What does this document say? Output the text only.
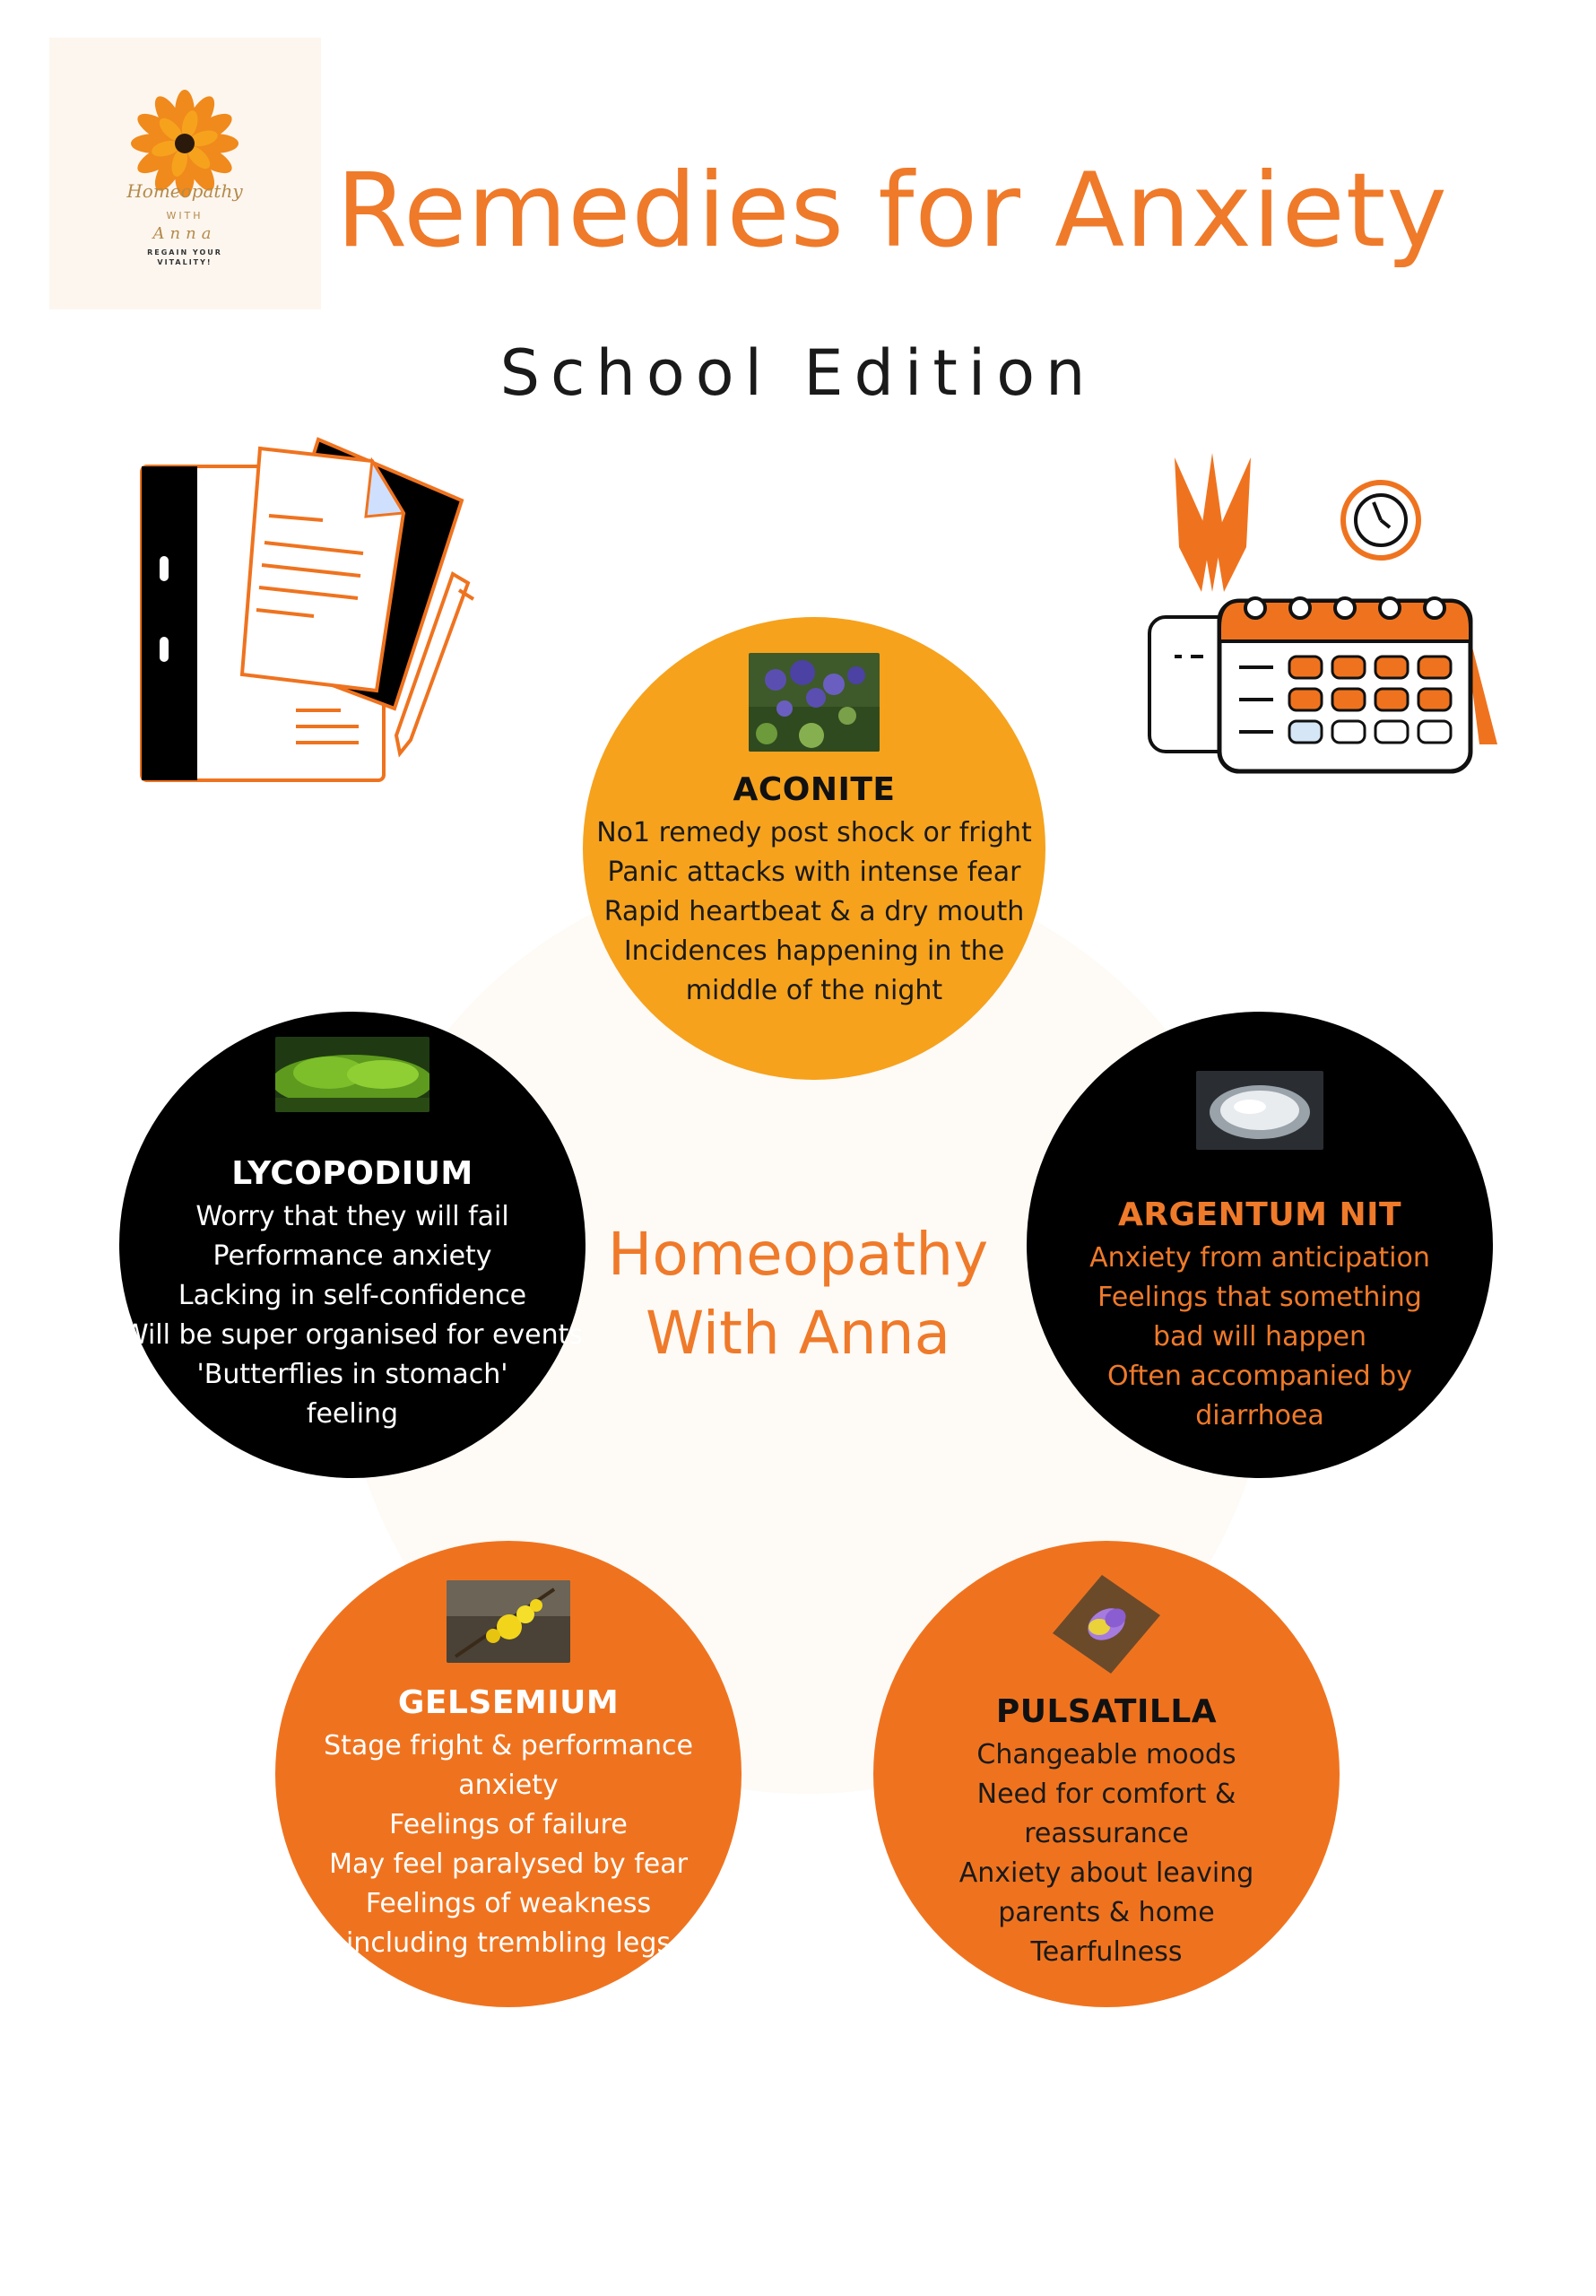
Homeopathy
WITH
Anna
REGAIN YOUR
VITALITY! Remedies for Anxiety
School Edition
Homeopathy
With Anna
ACONITE
No1 remedy post shock or fright
Panic attacks with intense fear
Rapid heartbeat & a dry mouth
Incidences happening in the
middle of the night
LYCOPODIUM
Worry that they will fail
Performance anxiety
Lacking in self-confidence
Will be super organised for events
'Butterflies in stomach'
feeling
ARGENTUM NIT
Anxiety from anticipation
Feelings that something
bad will happen
Often accompanied by
diarrhoea
GELSEMIUM
Stage fright & performance
anxiety
Feelings of failure
May feel paralysed by fear
Feelings of weakness
including trembling legs
PULSATILLA
Changeable moods
Need for comfort &
reassurance
Anxiety about leaving
parents & home
Tearfulness
